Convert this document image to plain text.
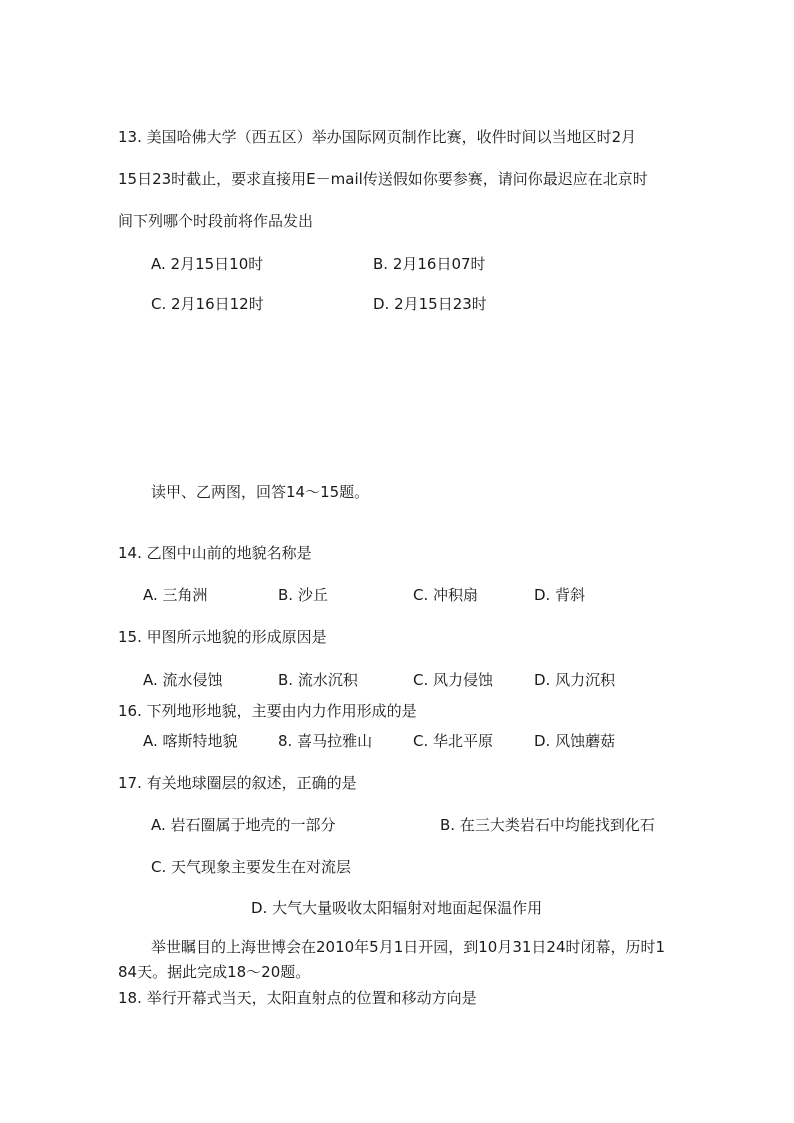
13. 美国哈佛大学（西五区）举办国际网页制作比赛，收件时间以当地区时2月
15日23时截止，要求直接用E－mail传送假如你要参赛，请问你最迟应在北京时
间下列哪个时段前将作品发出
A. 2月15日10时	B. 2月16日07时
C. 2月16日12时	D. 2月15日23时
读甲、乙两图，回答14～15题。
14. 乙图中山前的地貌名称是
A. 三角洲	B. 沙丘	C. 冲积扇	D. 背斜
15. 甲图所示地貌的形成原因是
A. 流水侵蚀	B. 流水沉积	C. 风力侵蚀	D. 风力沉积
16. 下列地形地貌，主要由内力作用形成的是
A. 喀斯特地貌	8. 喜马拉雅山	C. 华北平原	D. 风蚀蘑菇
17. 有关地球圈层的叙述，正确的是
A. 岩石圈属于地壳的一部分	B. 在三大类岩石中均能找到化石
C. 天气现象主要发生在对流层
D. 大气大量吸收太阳辐射对地面起保温作用
举世瞩目的上海世博会在2010年5月1日开园，到10月31日24时闭幕，历时1
84天。据此完成18～20题。
18. 举行开幕式当天，太阳直射点的位置和移动方向是
